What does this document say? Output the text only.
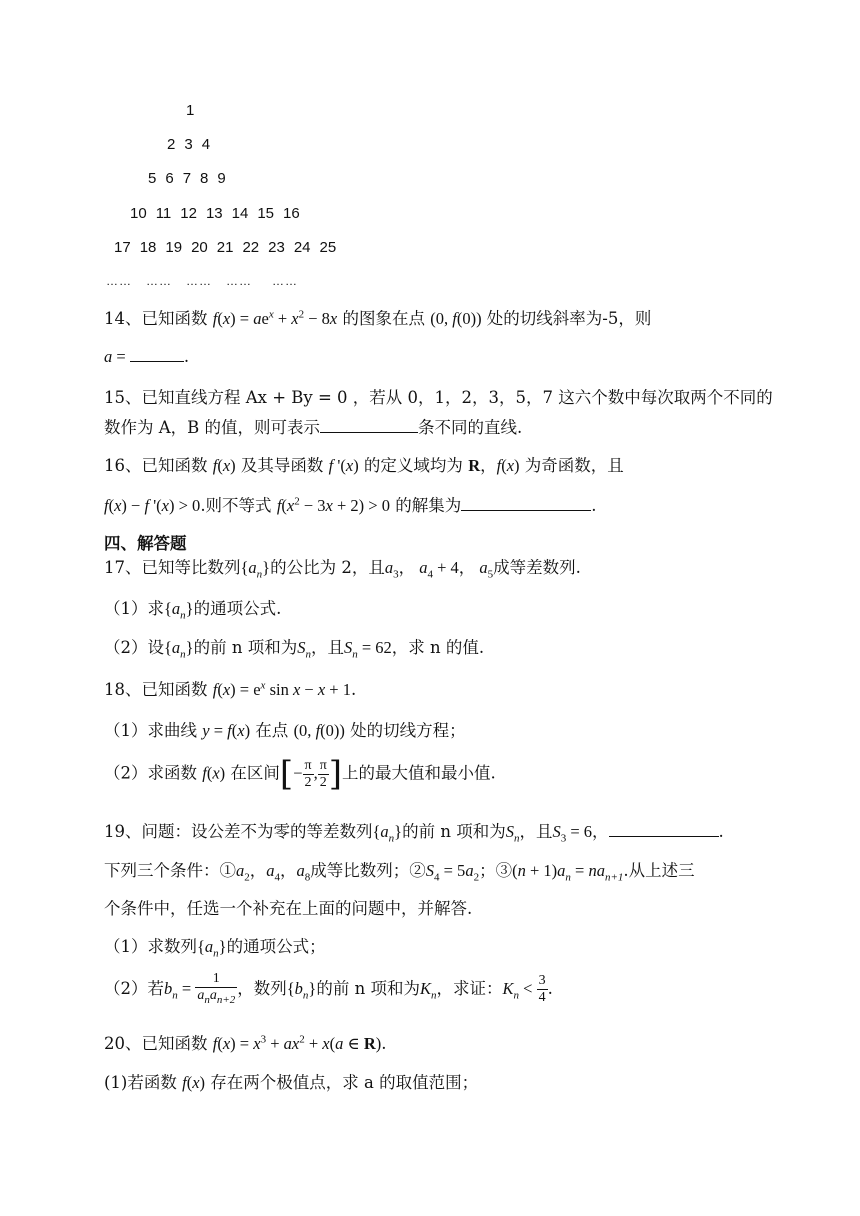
1
2 3 4
5 6 7 8 9
10 11 12 13 14 15 16
17 18 19 20 21 22 23 24 25
…… …… …… …… ……
14、已知函数 $f(x) = ae^x + x^2 - 8x$ 的图象在点 (0, f(0)) 处的切线斜率为-5，则
a =	.
15、已知直线方程 Ax + By = 0 ，若从 0，1，2，3，5，7 这六个数中每次取两个不同的
数作为 A，B 的值，则可表示	条不同的直线.
16、已知函数 f(x) 及其导函数 f '(x) 的定义域均为 R，f(x) 为奇函数，且
f(x) − f '(x) > 0.则不等式 $f(x^2 - 3x + 2) > 0$ 的解集为	.
四、解答题
17、已知等比数列$\{a_n\}$的公比为 2，且$a_3$， $a_4 + 4$， $a_5$成等差数列.
（1）求$\{a_n\}$的通项公式.
（2）设$\{a_n\}$的前 n 项和为$S_n$，且$S_n = 62$，求 n 的值.
18、已知函数 $f(x) = e^x$ sin x − x + 1.
（1）求曲线 y = f(x) 在点 (0, f(0)) 处的切线方程；
（2）求函数 f(x) 在区间[− $\frac{\pi}{2}$ , $\frac{\pi}{2}$ ]上的最大值和最小值.
19、问题：设公差不为零的等差数列$\{a_n\}$的前 n 项和为$S_n$，且$S_3 = 6$，	.
下列三个条件：$①a_2$，$a_4$，$a_8$成等比数列；$②S_4 = 5a_2$；③(n + $1)a_n = na_{n+1}$.从上述三
个条件中，任选一个补充在上面的问题中，并解答.
（1）求数列$\{a_n\}$的通项公式；
（2）若$b_n = \frac{1}{a_na_{n+2}}$ ，数列$\{b_n\}$的前 n 项和为$K_n$，求证：$K_n < \frac{3}{4}$ .
20、已知函数 $f(x) = x^3 + ax^2 + x(a$ ∈ R).
(1)若函数 f(x) 存在两个极值点，求 a 的取值范围；
